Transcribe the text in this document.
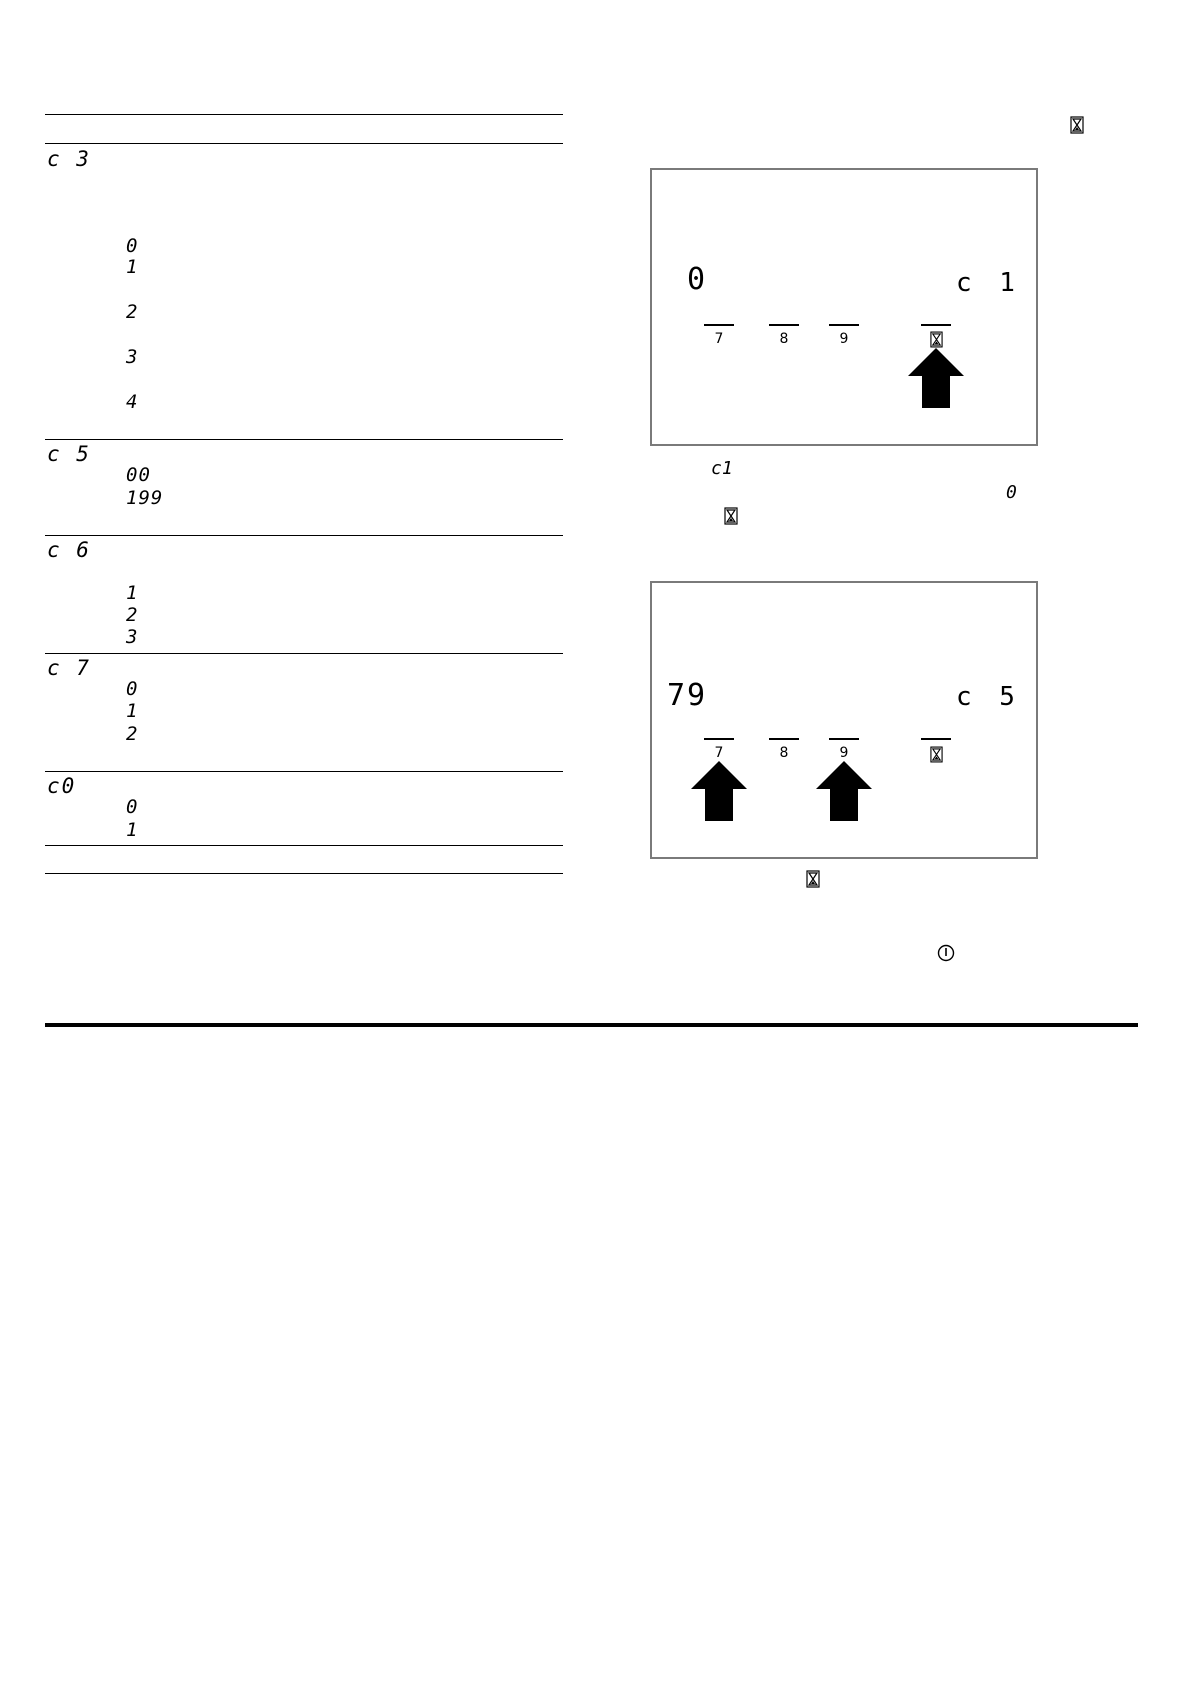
c 3
0
1
2
3
4
c 5
00
199
c 6
1
2
3
c 7
0
1
2
c0
0
1
0	c 1
7	8	9
c1
0
79	c 5
7	8	9
